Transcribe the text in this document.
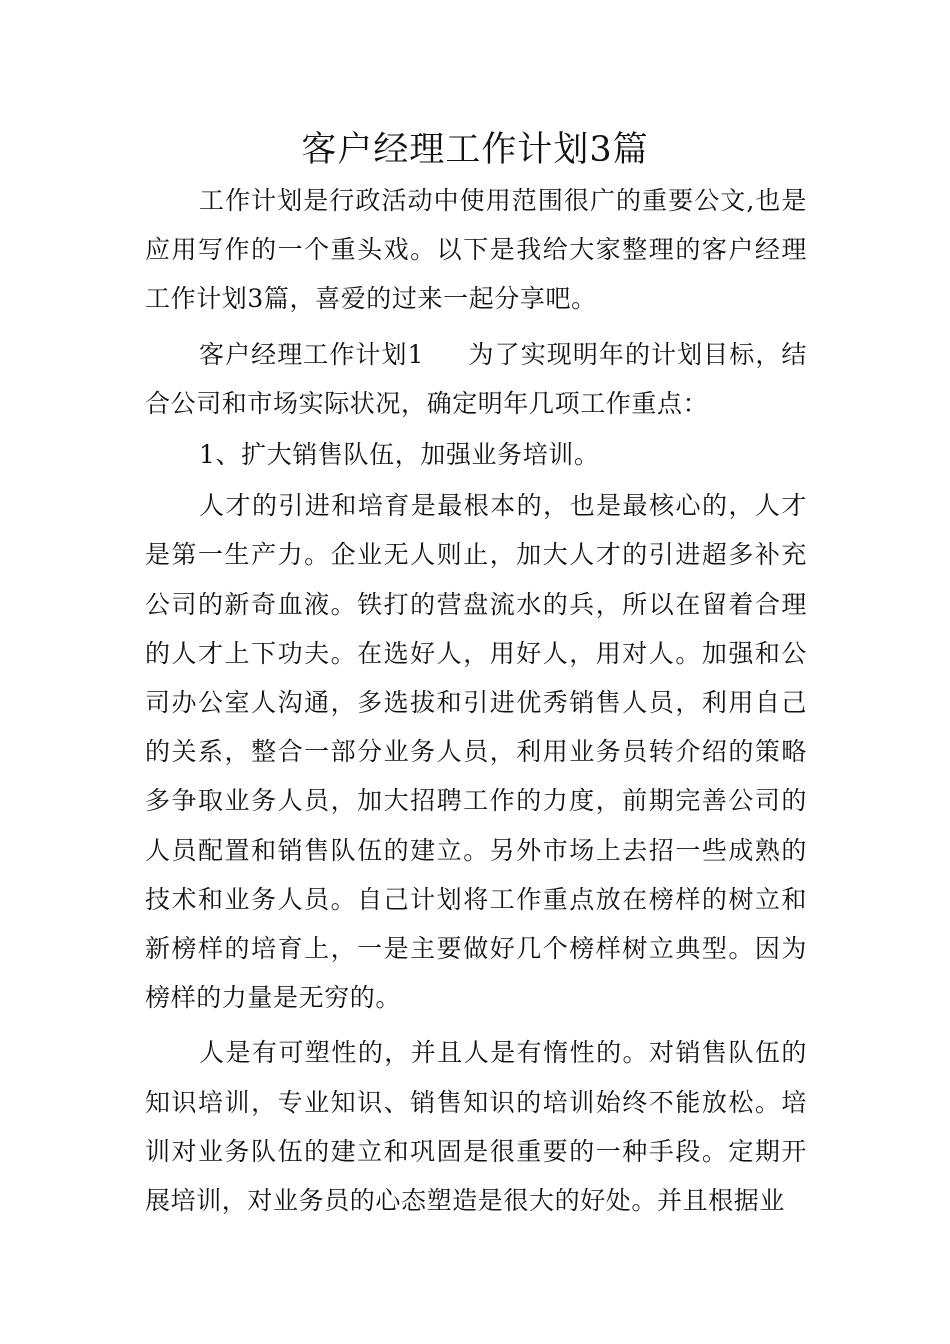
客户经理工作计划3篇

工作计划是行政活动中使用范围很广的重要公文,也是应用写作的一个重头戏。以下是我给大家整理的客户经理工作计划3篇，喜爱的过来一起分享吧。

客户经理工作计划1 为了实现明年的计划目标，结合公司和市场实际状况，确定明年几项工作重点：

1、扩大销售队伍，加强业务培训。

人才的引进和培育是最根本的，也是最核心的，人才是第一生产力。企业无人则止，加大人才的引进超多补充公司的新奇血液。铁打的营盘流水的兵，所以在留着合理的人才上下功夫。在选好人，用好人，用对人。加强和公司办公室人沟通，多选拔和引进优秀销售人员，利用自己的关系，整合一部分业务人员，利用业务员转介绍的策略多争取业务人员，加大招聘工作的力度，前期完善公司的人员配置和销售队伍的建立。另外市场上去招一些成熟的技术和业务人员。自己计划将工作重点放在榜样的树立和新榜样的培育上，一是主要做好几个榜样树立典型。因为榜样的力量是无穷的。

人是有可塑性的，并且人是有惰性的。对销售队伍的知识培训，专业知识、销售知识的培训始终不能放松。培训对业务队伍的建立和巩固是很重要的一种手段。定期开展培训，对业务员的心态塑造是很大的好处。并且根据业
